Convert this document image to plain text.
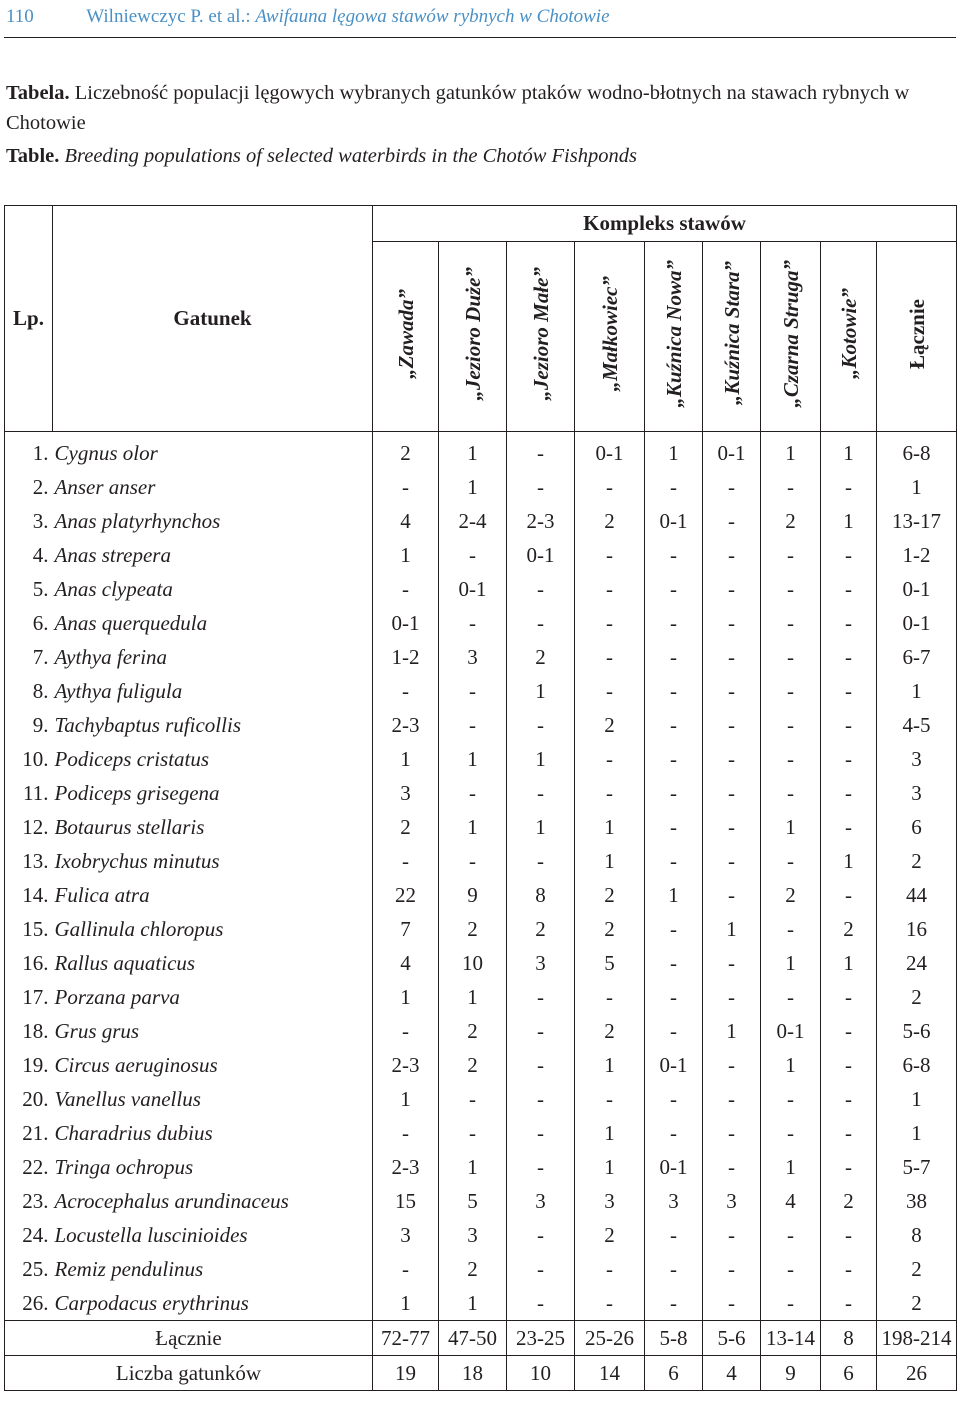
110	Wilniewczyc P. et al.: Awifauna lęgowa stawów rybnych w Chotowie
Tabela. Liczebność populacji lęgowych wybranych gatunków ptaków wodno-błotnych na stawach rybnych w Chotowie
Table. Breeding populations of selected waterbirds in the Chotów Fishponds
Lp.	Gatunek	Kompleks stawów								
		„Zawada”	„Jezioro Duże”	„Jezioro Małe”	„Małkowiec”	„Kuźnica Nowa”	„Kuźnica Stara”	„Czarna Struga”	„Kotowie”	Łącznie
1.	Cygnus olor	2	1	-	0-1	1	0-1	1	1	6-8
2.	Anser anser	-	1	-	-	-	-	-	-	1
3.	Anas platyrhynchos	4	2-4	2-3	2	0-1	-	2	1	13-17
4.	Anas strepera	1	-	0-1	-	-	-	-	-	1-2
5.	Anas clypeata	-	0-1	-	-	-	-	-	-	0-1
6.	Anas querquedula	0-1	-	-	-	-	-	-	-	0-1
7.	Aythya ferina	1-2	3	2	-	-	-	-	-	6-7
8.	Aythya fuligula	-	-	1	-	-	-	-	-	1
9.	Tachybaptus ruficollis	2-3	-	-	2	-	-	-	-	4-5
10.	Podiceps cristatus	1	1	1	-	-	-	-	-	3
11.	Podiceps grisegena	3	-	-	-	-	-	-	-	3
12.	Botaurus stellaris	2	1	1	1	-	-	1	-	6
13.	Ixobrychus minutus	-	-	-	1	-	-	-	1	2
14.	Fulica atra	22	9	8	2	1	-	2	-	44
15.	Gallinula chloropus	7	2	2	2	-	1	-	2	16
16.	Rallus aquaticus	4	10	3	5	-	-	1	1	24
17.	Porzana parva	1	1	-	-	-	-	-	-	2
18.	Grus grus	-	2	-	2	-	1	0-1	-	5-6
19.	Circus aeruginosus	2-3	2	-	1	0-1	-	1	-	6-8
20.	Vanellus vanellus	1	-	-	-	-	-	-	-	1
21.	Charadrius dubius	-	-	-	1	-	-	-	-	1
22.	Tringa ochropus	2-3	1	-	1	0-1	-	1	-	5-7
23.	Acrocephalus arundinaceus	15	5	3	3	3	3	4	2	38
24.	Locustella luscinioides	3	3	-	2	-	-	-	-	8
25.	Remiz pendulinus	-	2	-	-	-	-	-	-	2
26.	Carpodacus erythrinus	1	1	-	-	-	-	-	-	2
Łącznie		72-77	47-50	23-25	25-26	5-8	5-6	13-14	8	198-214
Liczba gatunków		19	18	10	14	6	4	9	6	26
